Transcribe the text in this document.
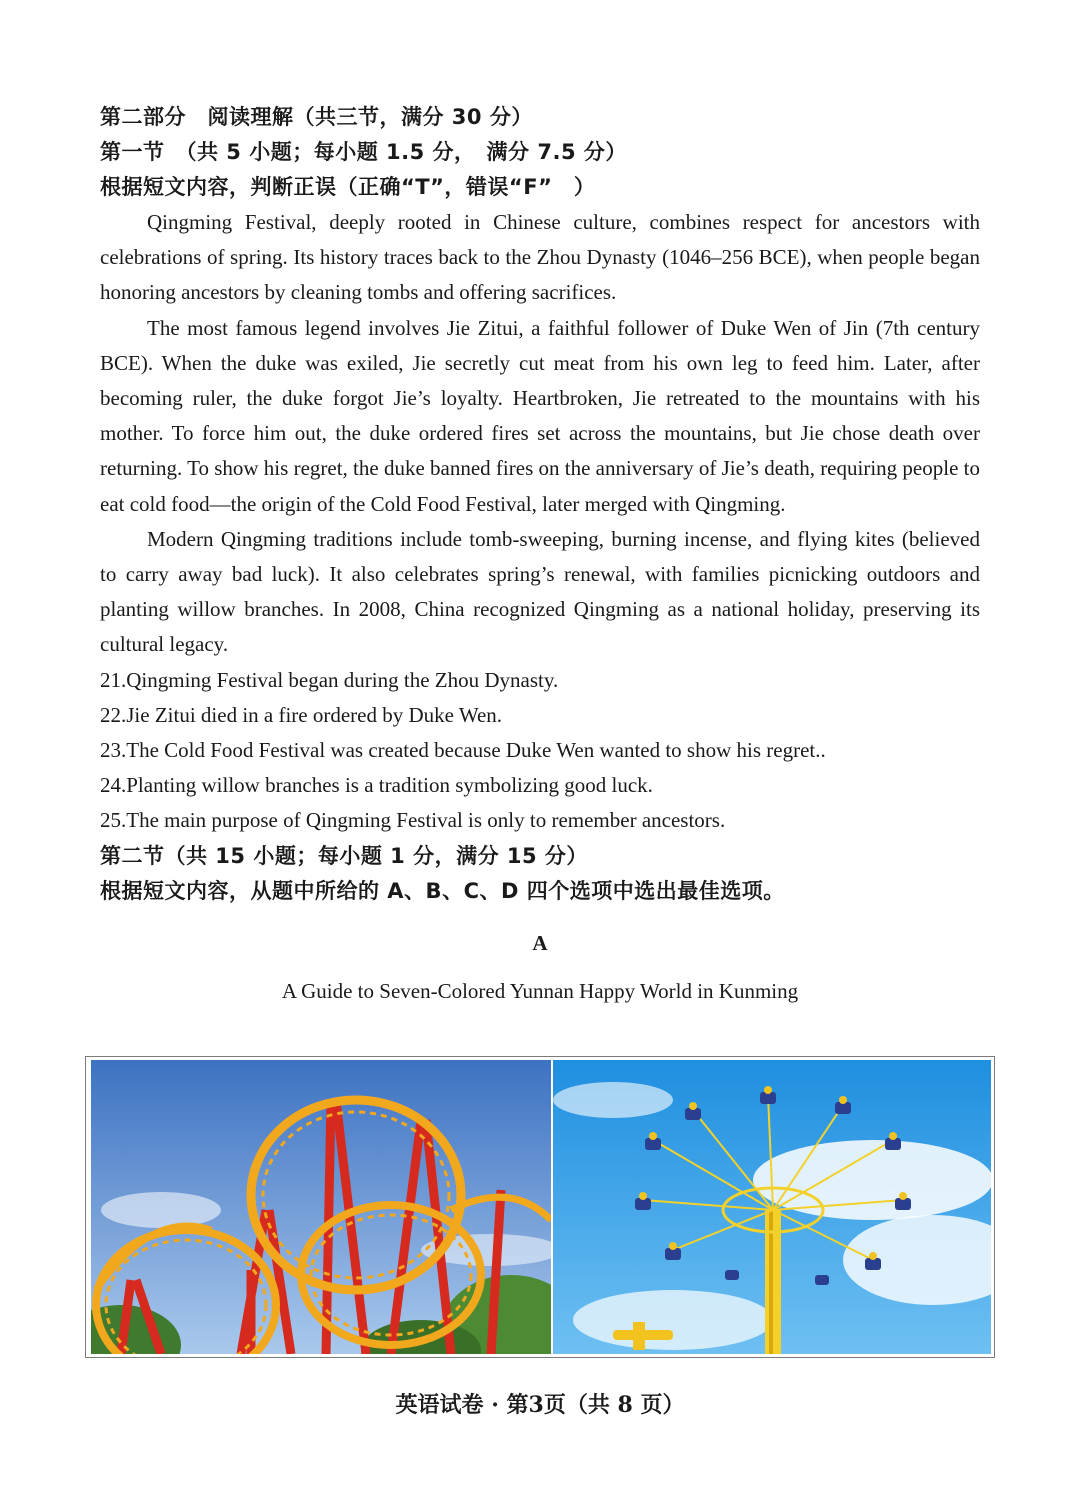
第二部分　阅读理解（共三节，满分 30 分）
第一节　（共 5 小题；每小题 1.5 分，　满分 7.5 分）
根据短文内容，判断正误（正确“T”，错误“F”　）

Qingming Festival, deeply rooted in Chinese culture, combines respect for ancestors with celebrations of spring. Its history traces back to the Zhou Dynasty (1046–256 BCE), when people began honoring ancestors by cleaning tombs and offering sacrifices.

The most famous legend involves Jie Zitui, a faithful follower of Duke Wen of Jin (7th century BCE). When the duke was exiled, Jie secretly cut meat from his own leg to feed him. Later, after becoming ruler, the duke forgot Jie’s loyalty. Heartbroken, Jie retreated to the mountains with his mother. To force him out, the duke ordered fires set across the mountains, but Jie chose death over returning. To show his regret, the duke banned fires on the anniversary of Jie’s death, requiring people to eat cold food—the origin of the Cold Food Festival, later merged with Qingming.

Modern Qingming traditions include tomb-sweeping, burning incense, and flying kites (believed to carry away bad luck). It also celebrates spring’s renewal, with families picnicking outdoors and planting willow branches. In 2008, China recognized Qingming as a national holiday, preserving its cultural legacy.

21.Qingming Festival began during the Zhou Dynasty.
22.Jie Zitui died in a fire ordered by Duke Wen.
23.The Cold Food Festival was created because Duke Wen wanted to show his regret..
24.Planting willow branches is a tradition symbolizing good luck.
25.The main purpose of Qingming Festival is only to remember ancestors.
第二节（共 15 小题；每小题 1 分，满分 15 分）
根据短文内容，从题中所给的 A、B、C、D 四个选项中选出最佳选项。
A
A Guide to Seven-Colored Yunnan Happy World in Kunming
英语试卷 · 第3页（共 8 页）
